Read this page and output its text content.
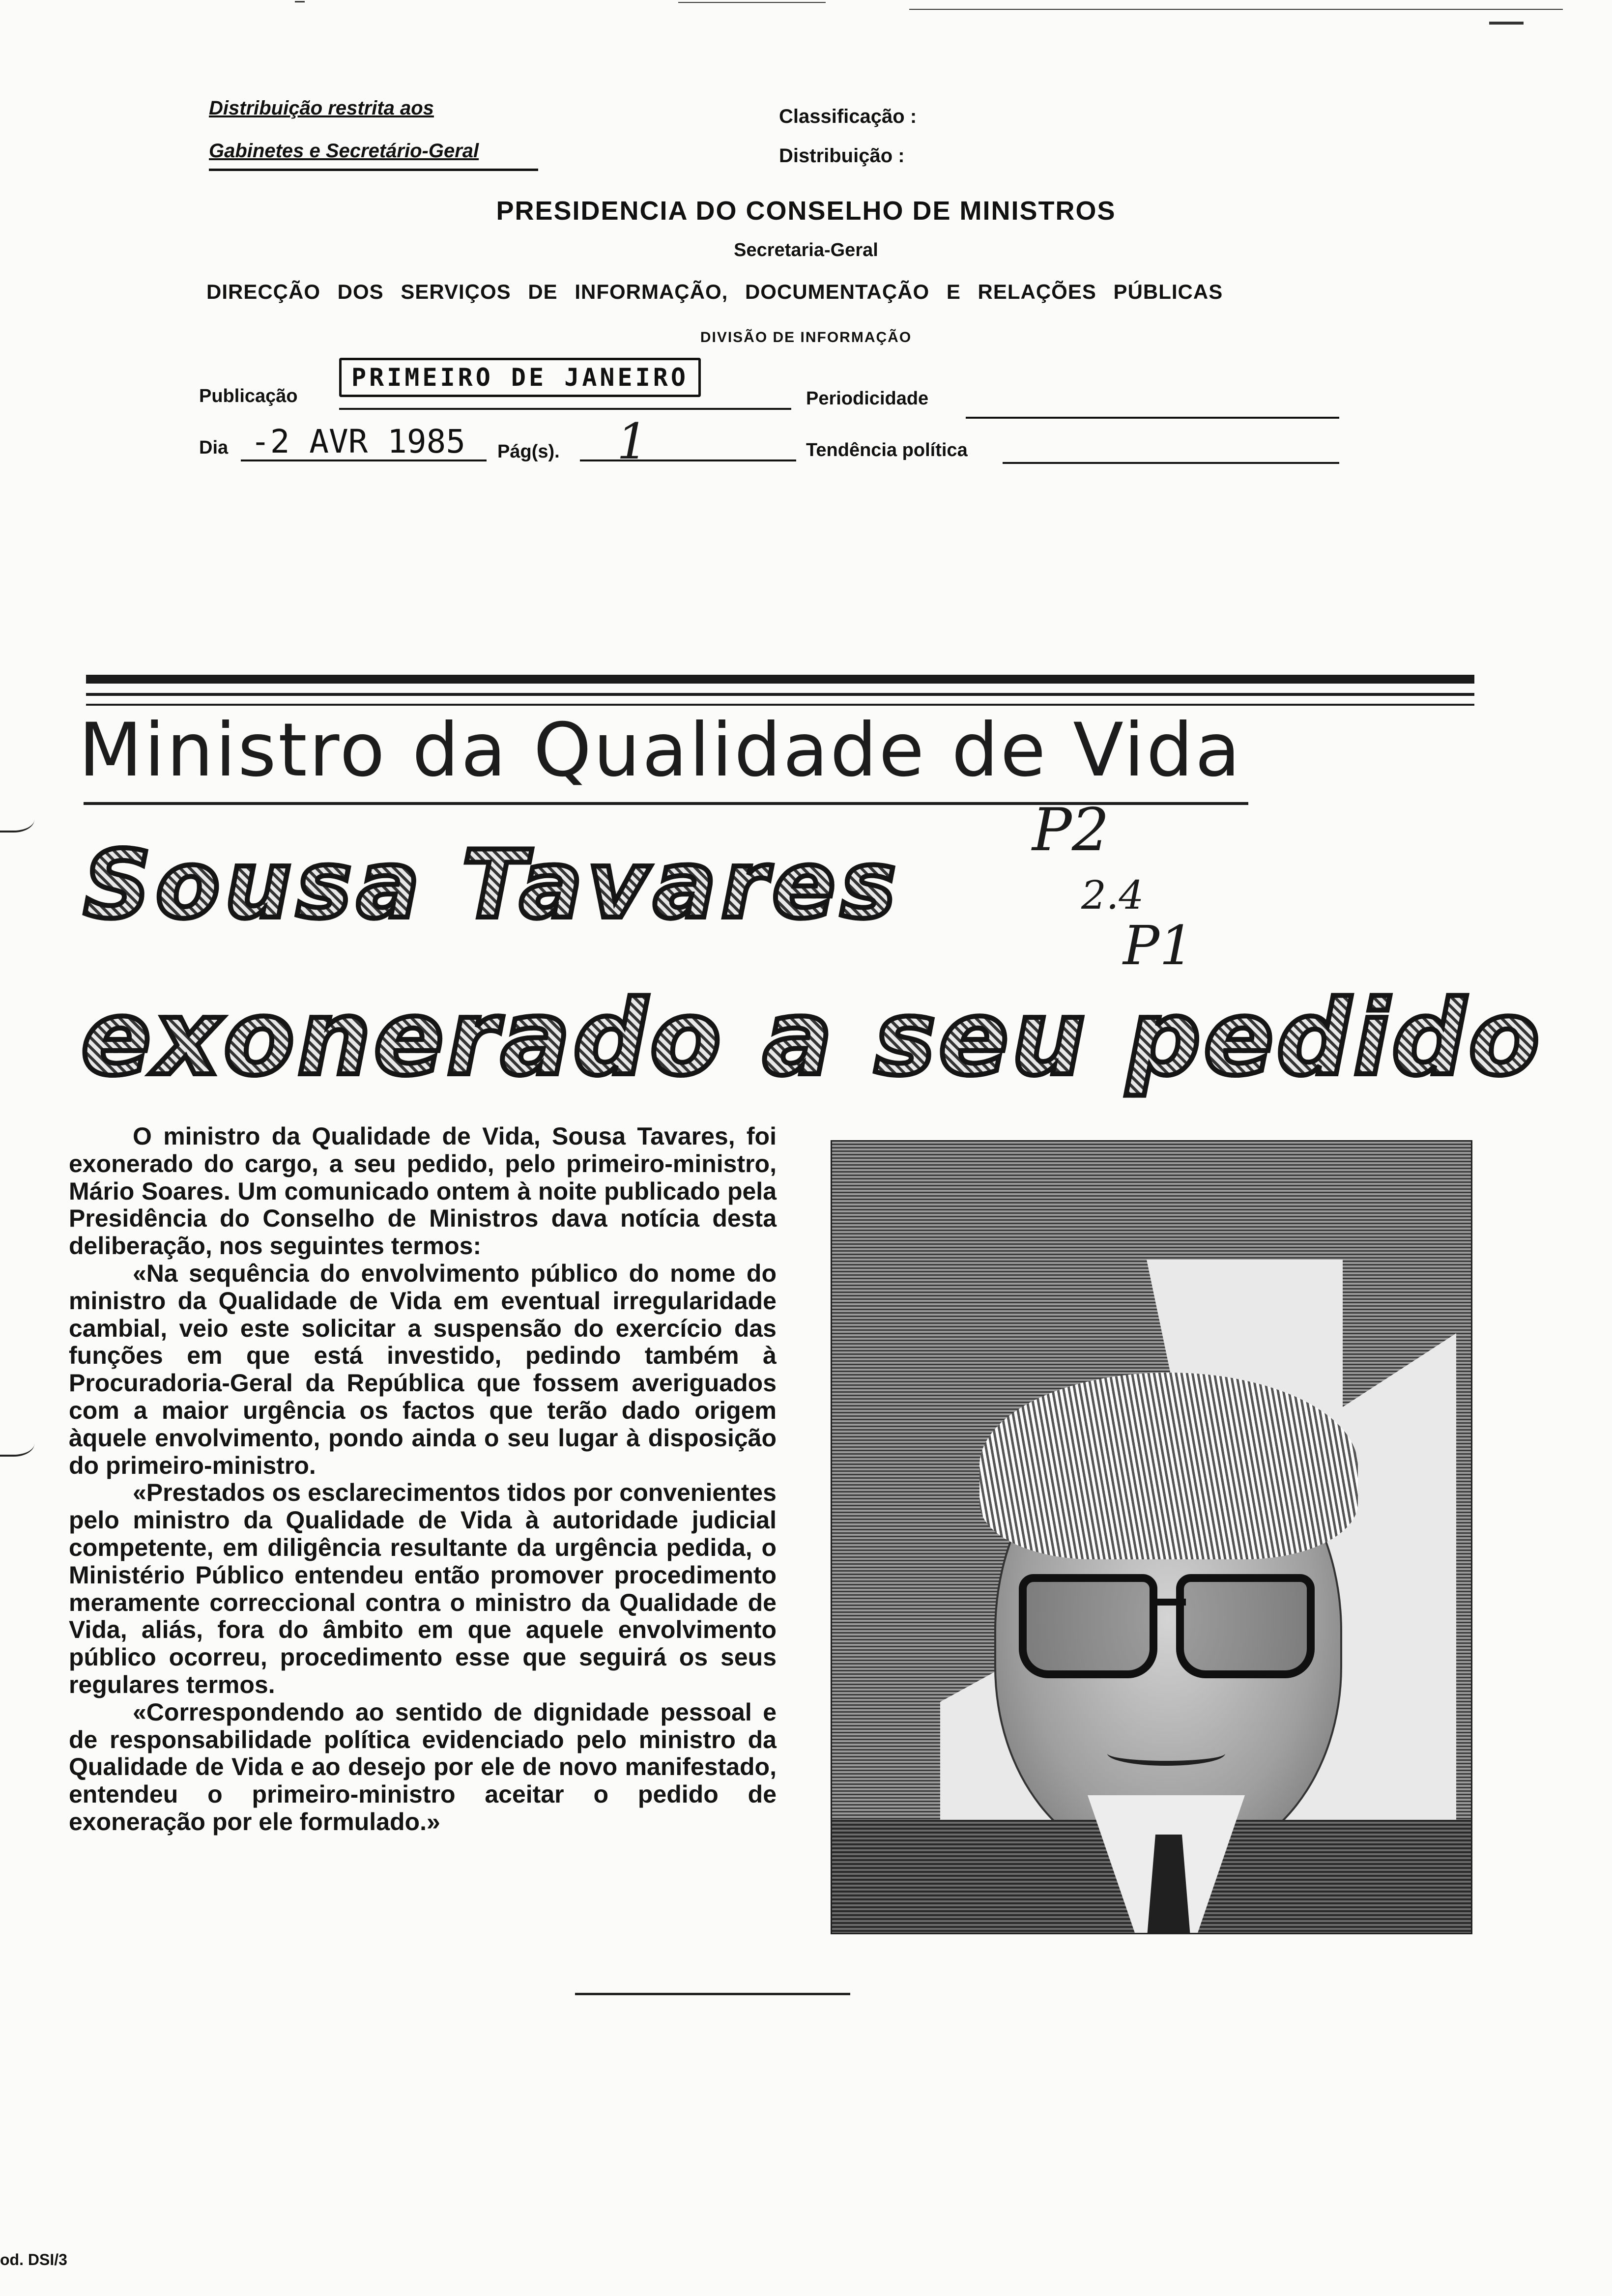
Distribuição restrita aos
Gabinetes e Secretário-Geral
Classificação :
Distribuição :
PRESIDENCIA DO CONSELHO DE MINISTROS
Secretaria-Geral
DIRECÇÃO DOS SERVIÇOS DE INFORMAÇÃO, DOCUMENTAÇÃO E RELAÇÕES PÚBLICAS
DIVISÃO DE INFORMAÇÃO
Publicação
PRIMEIRO DE JANEIRO
Periodicidade
Dia -2 AVR 1985 Pág(s). 1	Tendência política
Ministro da Qualidade de Vida
Sousa Tavares
exonerado a seu pedido
P2
2.4
P1

O ministro da Qualidade de Vida, Sousa Tavares, foi exonerado do cargo, a seu pedido, pelo primeiro-ministro, Mário Soares. Um comunicado ontem à noite publicado pela Presidência do Conselho de Ministros dava notícia desta deliberação, nos seguintes termos:

«Na sequência do envolvimento público do nome do ministro da Qualidade de Vida em eventual irregularidade cambial, veio este solicitar a suspensão do exercício das funções em que está investido, pedindo também à Procuradoria-Geral da República que fossem averiguados com a maior urgência os factos que terão dado origem àquele envolvimento, pondo ainda o seu lugar à disposição do primeiro-ministro.

«Prestados os esclarecimentos tidos por convenientes pelo ministro da Qualidade de Vida à autoridade judicial competente, em diligência resultante da urgência pedida, o Ministério Público entendeu então promover procedimento meramente correccional contra o ministro da Qualidade de Vida, aliás, fora do âmbito em que aquele envolvimento público ocorreu, procedimento esse que seguirá os seus regulares termos.

«Correspondendo ao sentido de dignidade pessoal e de responsabilidade política evidenciado pelo ministro da Qualidade de Vida e ao desejo por ele de novo manifestado, entendeu o primeiro-ministro aceitar o pedido de exoneração por ele formulado.»

od. DSI/3
